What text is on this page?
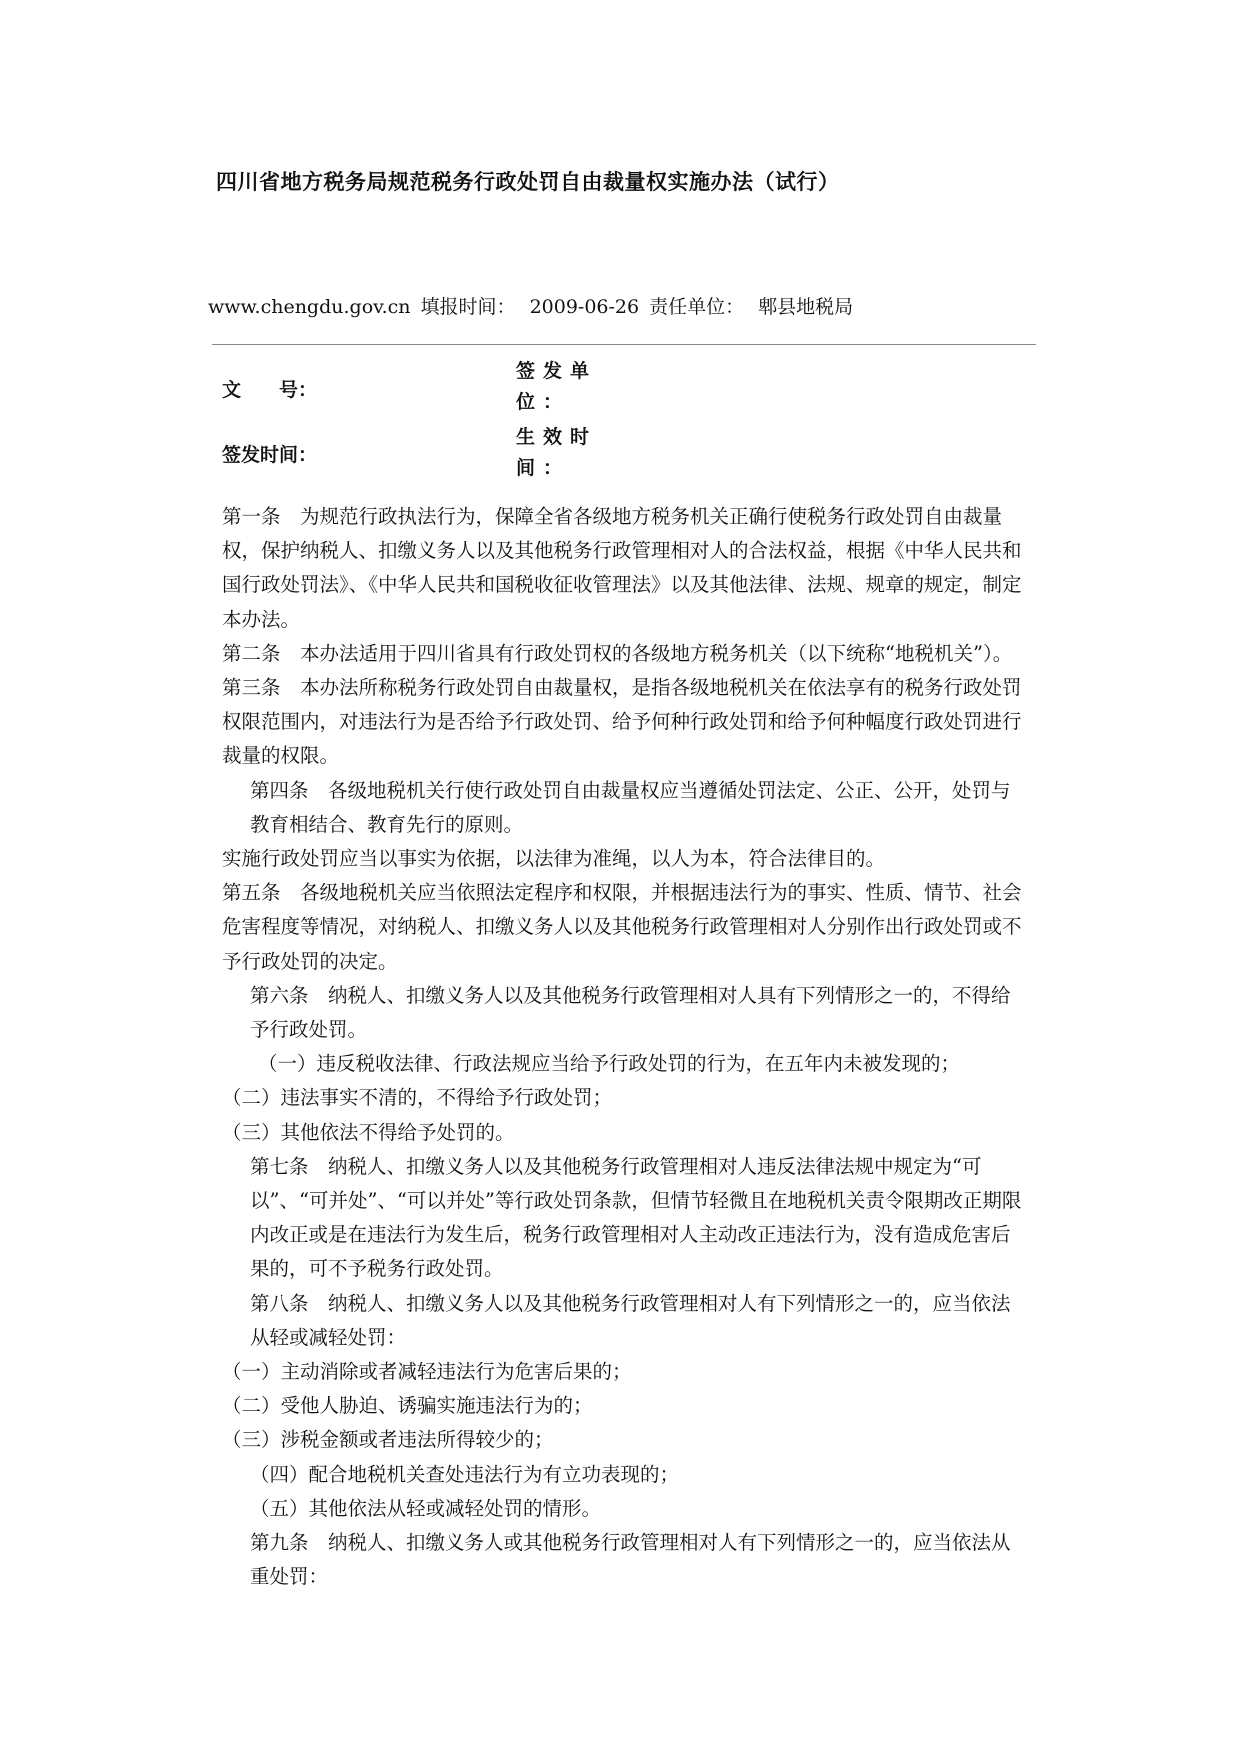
四川省地方税务局规范税务行政处罚自由裁量权实施办法（试行）
www.chengdu.gov.cn 填报时间： 2009-06-26 责任单位： 郫县地税局
文　　号：
签发单位：
签发时间：
生效时间：

第一条　为规范行政执法行为，保障全省各级地方税务机关正确行使税务行政处罚自由裁量权，保护纳税人、扣缴义务人以及其他税务行政管理相对人的合法权益，根据《中华人民共和国行政处罚法》、《中华人民共和国税收征收管理法》以及其他法律、法规、规章的规定，制定本办法。

第二条　本办法适用于四川省具有行政处罚权的各级地方税务机关（以下统称“地税机关”）。

第三条　本办法所称税务行政处罚自由裁量权，是指各级地税机关在依法享有的税务行政处罚权限范围内，对违法行为是否给予行政处罚、给予何种行政处罚和给予何种幅度行政处罚进行裁量的权限。

第四条　各级地税机关行使行政处罚自由裁量权应当遵循处罚法定、公正、公开，处罚与教育相结合、教育先行的原则。

实施行政处罚应当以事实为依据，以法律为准绳，以人为本，符合法律目的。

第五条　各级地税机关应当依照法定程序和权限，并根据违法行为的事实、性质、情节、社会危害程度等情况，对纳税人、扣缴义务人以及其他税务行政管理相对人分别作出行政处罚或不予行政处罚的决定。

第六条　纳税人、扣缴义务人以及其他税务行政管理相对人具有下列情形之一的，不得给予行政处罚。

（一）违反税收法律、行政法规应当给予行政处罚的行为，在五年内未被发现的；

（二）违法事实不清的，不得给予行政处罚；

（三）其他依法不得给予处罚的。

第七条　纳税人、扣缴义务人以及其他税务行政管理相对人违反法律法规中规定为“可以”、“可并处”、“可以并处”等行政处罚条款，但情节轻微且在地税机关责令限期改正期限内改正或是在违法行为发生后，税务行政管理相对人主动改正违法行为，没有造成危害后果的，可不予税务行政处罚。

第八条　纳税人、扣缴义务人以及其他税务行政管理相对人有下列情形之一的，应当依法从轻或减轻处罚：

（一）主动消除或者减轻违法行为危害后果的；

（二）受他人胁迫、诱骗实施违法行为的；

（三）涉税金额或者违法所得较少的；

（四）配合地税机关查处违法行为有立功表现的；

（五）其他依法从轻或减轻处罚的情形。

第九条　纳税人、扣缴义务人或其他税务行政管理相对人有下列情形之一的，应当依法从重处罚：
